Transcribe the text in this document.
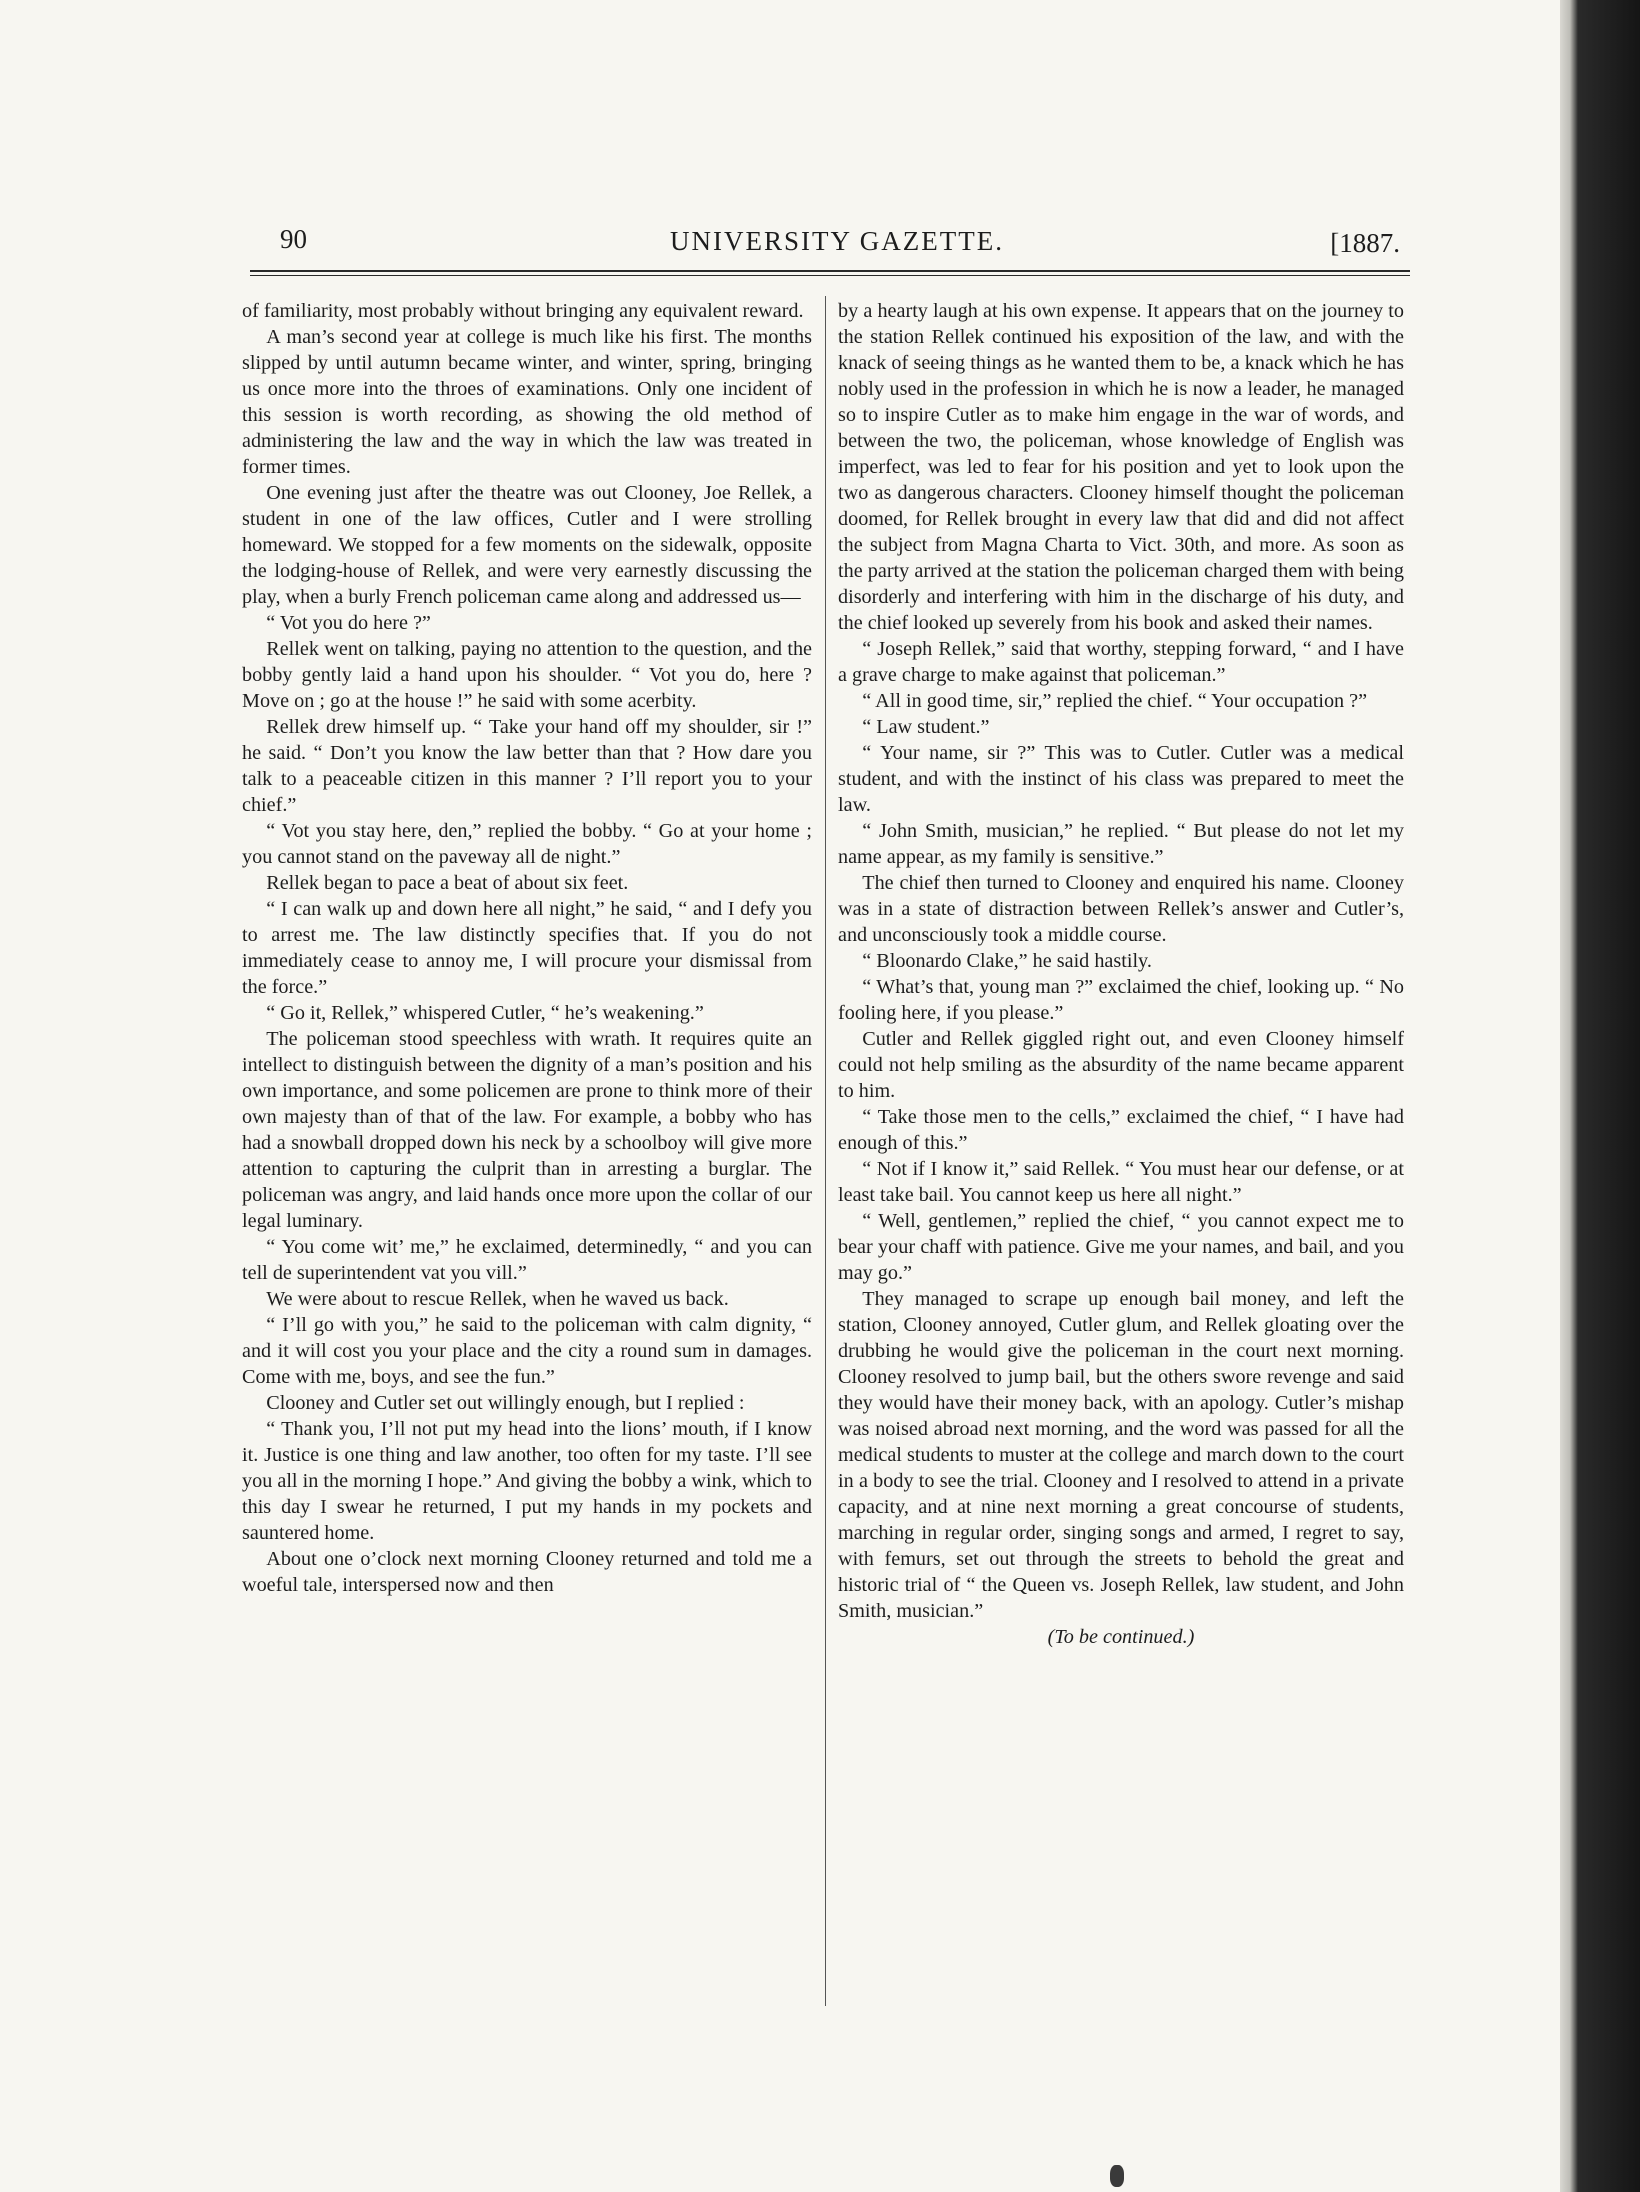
90	UNIVERSITY GAZETTE.	[1887.

of familiarity, most probably without bringing any equivalent reward.

A man’s second year at college is much like his first. The months slipped by until autumn became winter, and winter, spring, bringing us once more into the throes of examinations. Only one incident of this session is worth recording, as showing the old method of administering the law and the way in which the law was treated in former times.

One evening just after the theatre was out Clooney, Joe Rellek, a student in one of the law offices, Cutler and I were strolling homeward. We stopped for a few moments on the sidewalk, opposite the lodging-house of Rellek, and were very earnestly discussing the play, when a burly French policeman came along and addressed us—

“ Vot you do here ?”

Rellek went on talking, paying no attention to the question, and the bobby gently laid a hand upon his shoulder. “ Vot you do, here ? Move on ; go at the house !” he said with some acerbity.

Rellek drew himself up. “ Take your hand off my shoulder, sir !” he said. “ Don’t you know the law better than that ? How dare you talk to a peaceable citizen in this manner ? I’ll report you to your chief.”

“ Vot you stay here, den,” replied the bobby. “ Go at your home ; you cannot stand on the paveway all de night.”

Rellek began to pace a beat of about six feet.

“ I can walk up and down here all night,” he said, “ and I defy you to arrest me. The law distinctly specifies that. If you do not immediately cease to annoy me, I will procure your dismissal from the force.”

“ Go it, Rellek,” whispered Cutler, “ he’s weakening.”

The policeman stood speechless with wrath. It requires quite an intellect to distinguish between the dignity of a man’s position and his own importance, and some policemen are prone to think more of their own majesty than of that of the law. For example, a bobby who has had a snowball dropped down his neck by a schoolboy will give more attention to capturing the culprit than in arresting a burglar. The policeman was angry, and laid hands once more upon the collar of our legal luminary.

“ You come wit’ me,” he exclaimed, determinedly, “ and you can tell de superintendent vat you vill.”

We were about to rescue Rellek, when he waved us back.

“ I’ll go with you,” he said to the policeman with calm dignity, “ and it will cost you your place and the city a round sum in damages. Come with me, boys, and see the fun.”

Clooney and Cutler set out willingly enough, but I replied :

“ Thank you, I’ll not put my head into the lions’ mouth, if I know it. Justice is one thing and law another, too often for my taste. I’ll see you all in the morning I hope.” And giving the bobby a wink, which to this day I swear he returned, I put my hands in my pockets and sauntered home.

About one o’clock next morning Clooney returned and told me a woeful tale, interspersed now and then

by a hearty laugh at his own expense. It appears that on the journey to the station Rellek continued his exposition of the law, and with the knack of seeing things as he wanted them to be, a knack which he has nobly used in the profession in which he is now a leader, he managed so to inspire Cutler as to make him engage in the war of words, and between the two, the policeman, whose knowledge of English was imperfect, was led to fear for his position and yet to look upon the two as dangerous characters. Clooney himself thought the policeman doomed, for Rellek brought in every law that did and did not affect the subject from Magna Charta to Vict. 30th, and more. As soon as the party arrived at the station the policeman charged them with being disorderly and interfering with him in the discharge of his duty, and the chief looked up severely from his book and asked their names.

“ Joseph Rellek,” said that worthy, stepping forward, “ and I have a grave charge to make against that policeman.”

“ All in good time, sir,” replied the chief. “ Your occupation ?”

“ Law student.”

“ Your name, sir ?” This was to Cutler. Cutler was a medical student, and with the instinct of his class was prepared to meet the law.

“ John Smith, musician,” he replied. “ But please do not let my name appear, as my family is sensitive.”

The chief then turned to Clooney and enquired his name. Clooney was in a state of distraction between Rellek’s answer and Cutler’s, and unconsciously took a middle course.

“ Bloonardo Clake,” he said hastily.

“ What’s that, young man ?” exclaimed the chief, looking up. “ No fooling here, if you please.”

Cutler and Rellek giggled right out, and even Clooney himself could not help smiling as the absurdity of the name became apparent to him.

“ Take those men to the cells,” exclaimed the chief, “ I have had enough of this.”

“ Not if I know it,” said Rellek. “ You must hear our defense, or at least take bail. You cannot keep us here all night.”

“ Well, gentlemen,” replied the chief, “ you cannot expect me to bear your chaff with patience. Give me your names, and bail, and you may go.”

They managed to scrape up enough bail money, and left the station, Clooney annoyed, Cutler glum, and Rellek gloating over the drubbing he would give the policeman in the court next morning. Clooney resolved to jump bail, but the others swore revenge and said they would have their money back, with an apology. Cutler’s mishap was noised abroad next morning, and the word was passed for all the medical students to muster at the college and march down to the court in a body to see the trial. Clooney and I resolved to attend in a private capacity, and at nine next morning a great concourse of students, marching in regular order, singing songs and armed, I regret to say, with femurs, set out through the streets to behold the great and historic trial of “ the Queen vs. Joseph Rellek, law student, and John Smith, musician.”

(To be continued.)
